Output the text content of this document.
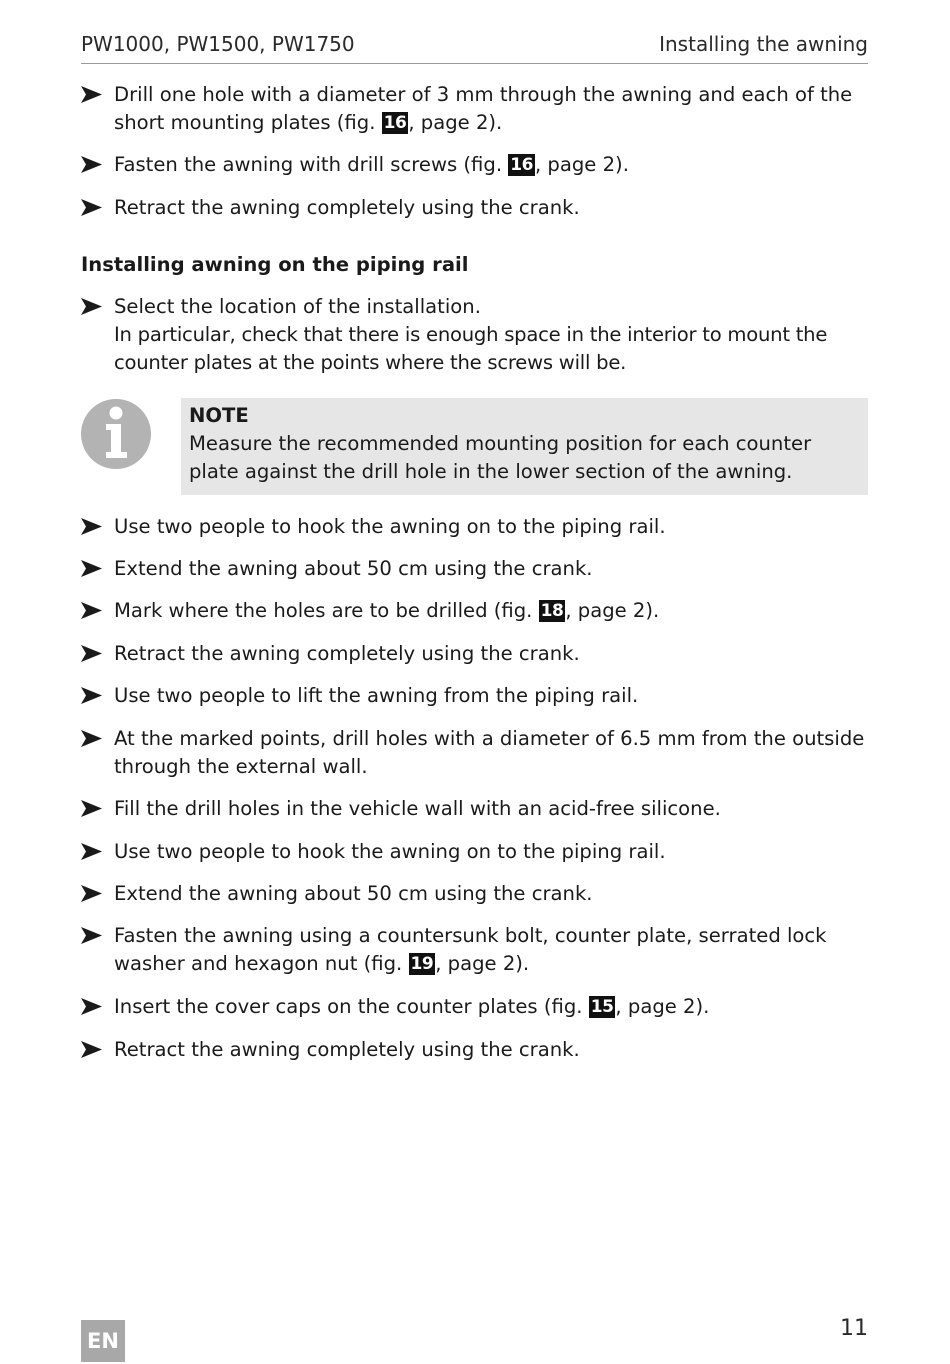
PW1000, PW1500, PW1750	Installing the awning
Drill one hole with a diameter of 3 mm through the awning and each of the short mounting plates (fig. 16 , page 2).
Fasten the awning with drill screws (fig. 16 , page 2).
Retract the awning completely using the crank.
Installing awning on the piping rail
Select the location of the installation.
In particular, check that there is enough space in the interior to mount the counter plates at the points where the screws will be.
NOTE
Measure the recommended mounting position for each counter plate against the drill hole in the lower section of the awning.
Use two people to hook the awning on to the piping rail.
Extend the awning about 50 cm using the crank.
Mark where the holes are to be drilled (fig. 18 , page 2).
Retract the awning completely using the crank.
Use two people to lift the awning from the piping rail.
At the marked points, drill holes with a diameter of 6.5 mm from the outside through the external wall.
Fill the drill holes in the vehicle wall with an acid-free silicone.
Use two people to hook the awning on to the piping rail.
Extend the awning about 50 cm using the crank.
Fasten the awning using a countersunk bolt, counter plate, serrated lock washer and hexagon nut (fig. 19 , page 2).
Insert the cover caps on the counter plates (fig. 15 , page 2).
Retract the awning completely using the crank.
EN	11
